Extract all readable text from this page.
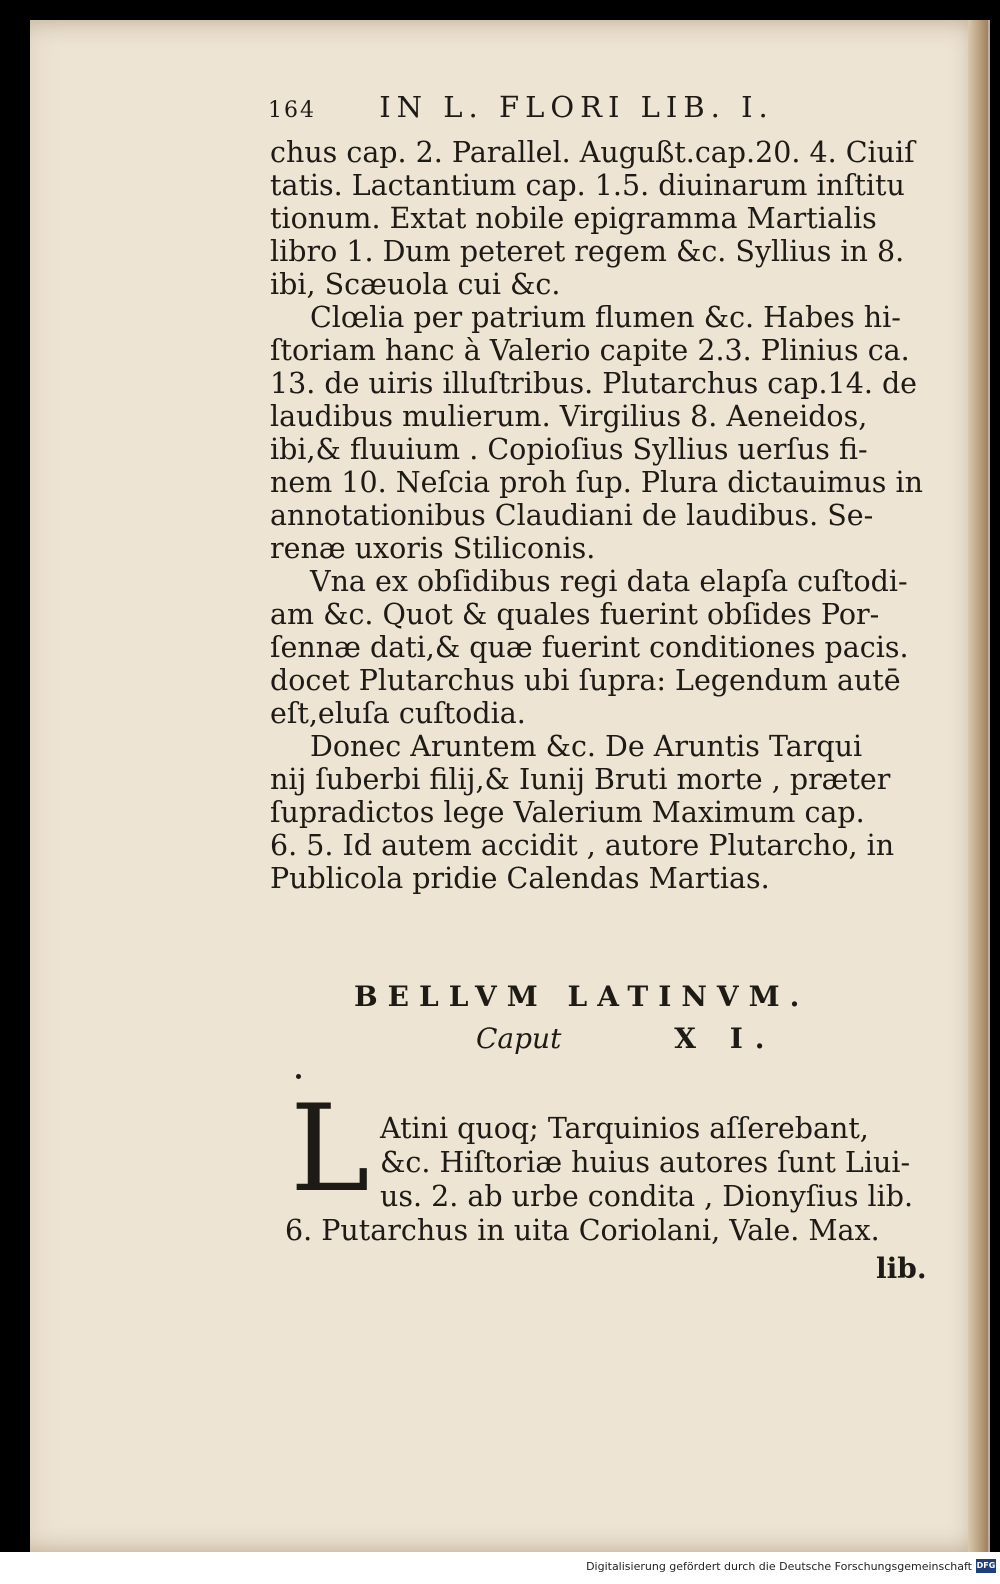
164 IN L. FLORI LIB. I.
chus cap. 2. Parallel. Augußt.cap.20. 4. Ciuiſ
tatis. Lactantium cap. 1.5. diuinarum inſtitu
tionum. Extat nobile epigramma Martialis
libro 1. Dum peteret regem &c. Syllius in 8.
ibi, Scæuola cui &c.
Clœlia per patrium flumen &c. Habes hi-
ſtoriam hanc à Valerio capite 2.3. Plinius ca.
13. de uiris illuſtribus. Plutarchus cap.14. de
laudibus mulierum. Virgilius 8. Aeneidos,
ibi,& fluuium . Copioſius Syllius uerſus fi-
nem 10. Neſcia proh ſup. Plura dictauimus in
annotationibus Claudiani de laudibus. Se-
renæ uxoris Stiliconis.
Vna ex obſidibus regi data elapſa cuſtodi-
am &c. Quot & quales fuerint obſides Por-
ſennæ dati,& quæ fuerint conditiones pacis.
docet Plutarchus ubi ſupra: Legendum autē
eſt,eluſa cuſtodia.
Donec Aruntem &c. De Aruntis Tarqui
nij ſuberbi filij,& Iunij Bruti morte , præter
ſupradictos lege Valerium Maximum cap.
6. 5. Id autem accidit , autore Plutarcho, in
Publicola pridie Calendas Martias.
BELLVM LATINVM.
Caput	X I.
L Atini quoq; Tarquinios aſſerebant,
&c. Hiſtoriæ huius autores ſunt Liui-
us. 2. ab urbe condita , Dionyſius lib.
6. Putarchus in uita Coriolani, Vale. Max.
lib.
Digitalisierung gefördert durch die Deutsche Forschungsgemeinschaft DFG
